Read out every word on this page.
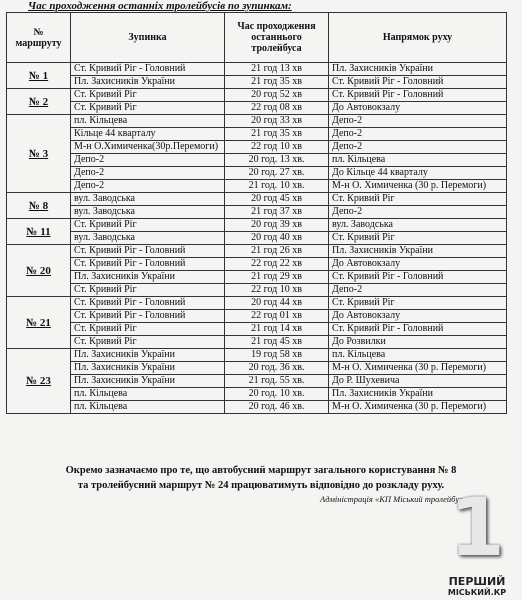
Час проходження останніх тролейбусів по зупинкам:
№ маршруту	Зупинка	Час проходження останнього тролейбуса	Напрямок руху
№ 1	Ст. Кривий Ріг - Головний	21 год 13 хв	Пл. Захисників України
	Пл. Захисників України	21 год 35 хв	Ст. Кривий Ріг - Головний
№ 2	Ст. Кривий Ріг	20 год 52 хв	Ст. Кривий Ріг - Головний
	Ст. Кривий Ріг	22 год 08 хв	До Автовокзалу
№ 3	пл. Кільцева	20 год 33 хв	Депо-2
	Кільце 44 кварталу	21 год 35 хв	Депо-2
	М-н О.Химиченка(30р.Перемоги)	22 год 10 хв	Депо-2
	Депо-2	20 год. 13 хв.	пл. Кільцева
	Депо-2	20 год. 27 хв.	До Кільце 44 кварталу
	Депо-2	21 год. 10 хв.	М-н О. Химиченка (30 р. Перемоги)
№ 8	вул. Заводська	20 год 45 хв	Ст. Кривий Ріг
	вул. Заводська	21 год 37 хв	Депо-2
№ 11	Ст. Кривий Ріг	20 год 39 хв	вул. Заводська
	вул. Заводська	20 год 40 хв	Ст. Кривий Ріг
№ 20	Ст. Кривий Ріг - Головний	21 год 26 хв	Пл. Захисників України
	Ст. Кривий Ріг - Головний	22 год 22 хв	До Автовокзалу
	Пл. Захисників України	21 год 29 хв	Ст. Кривий Ріг - Головний
	Ст. Кривий Ріг	22 год 10 хв	Депо-2
№ 21	Ст. Кривий Ріг - Головний	20 год 44 хв	Ст. Кривий Ріг
	Ст. Кривий Ріг - Головний	22 год 01 хв	До Автовокзалу
	Ст. Кривий Ріг	21 год 14 хв	Ст. Кривий Ріг - Головний
	Ст. Кривий Ріг	21 год 45 хв	До Розвилки
№ 23	Пл. Захисників України	19 год 58 хв	пл. Кільцева
	Пл. Захисників України	20 год. 36 хв.	М-н О. Химиченка (30 р. Перемоги)
	Пл. Захисників України	21 год. 55 хв.	До Р. Шухевича
	пл. Кільцева	20 год. 10 хв.	Пл. Захисників України
	пл. Кільцева	20 год. 46 хв.	М-н О. Химиченка (30 р. Перемоги)
Окремо зазначаємо про те, що автобусний маршрут загального користування № 8
та тролейбусний маршрут № 24 працюватимуть відповідно до розкладу руху.
Адміністрація «КП Міський тролейбус»
1
ПЕРШИЙ
МІСЬКИЙ.КР
